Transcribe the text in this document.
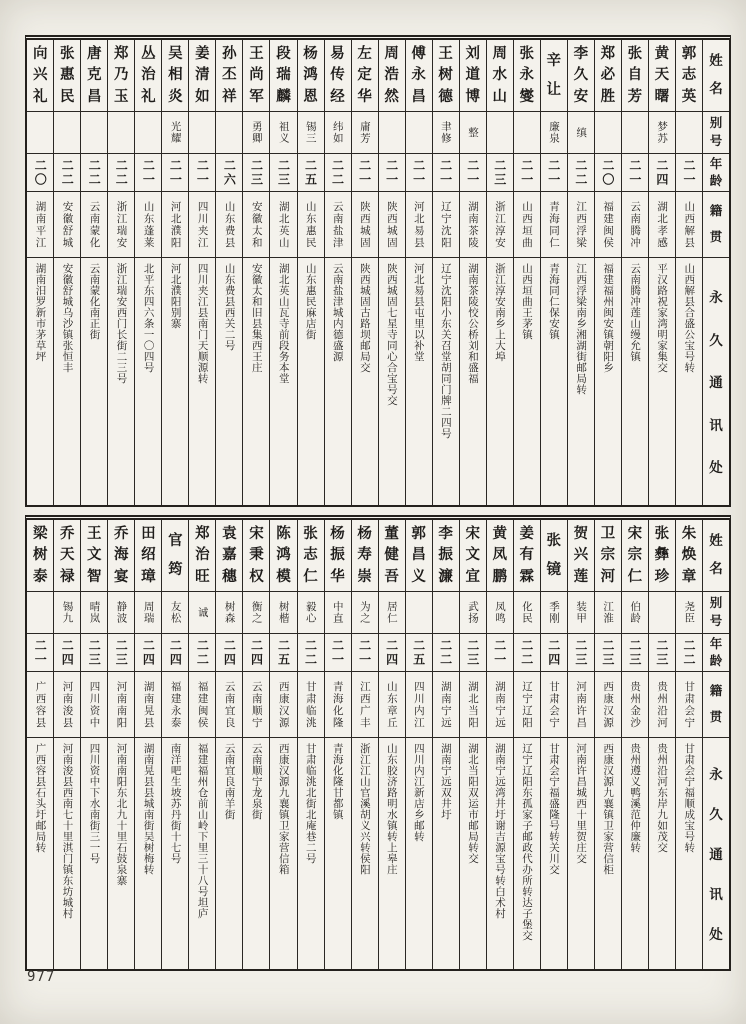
姓
名
别
号
年
龄
籍
贯
永
久
通
讯
处
郭
志
英
二一
山西解县
山西解县合盛公宝号转
黄
天
曙
梦苏
二四
湖北孝感
平汉路祝家湾明家集交
张
自
芳
二一
云南腾冲
云南腾冲莲山缦允镇
郑
必
胜
二〇
福建闽侯
福建福州闽安镇朝阳乡
李
久
安
缜
二二
江西浮梁
江西浮梁南乡湘湖街邮局转
辛
让
廉泉
二一
青海同仁
青海同仁保安镇
张
永
燮
二一
山西垣曲
山西垣曲王茅镇
周
水
山
二三
浙江淳安
浙江淳安南乡上大埠
刘
道
博
整
二一
湖南茶陵
湖南茶陵恔公桥刘和盛福
王
树
德
聿修
二一
辽宁沈阳
辽宁沈阳小东关召堂胡同门牌二四号
傅
永
昌
二一
河北易县
河北易县屯里以补堂
周
浩
然
二一
陕西城固
陕西城固七星寺同心合宝号交
左
定
华
庸芳
二一
陕西城固
陕西城固古路坝邮局交
易
传
经
纬如
二二
云南盐津
云南盐津城内德盛源
杨
鸿
恩
锡三
二五
山东惠民
山东惠民麻店街
段
瑞
麟
祖义
二三
湖北英山
湖北英山瓦寺前段务本堂
王
尚
军
勇卿
二三
安徽太和
安徽太和旧县集西王庄
孙
丕
祥
二六
山东费县
山东费县西关二号
姜
清
如
二一
四川夹江
四川夹江县南门天顺源转
吴
相
炎
光耀
二一
河北濮阳
河北濮阳别寨
丛
治
礼
二一
山东蓬莱
北平东四六条一〇四号
郑
乃
玉
二二
浙江瑞安
浙江瑞安西门长街二三号
唐
克
昌
二二
云南蒙化
云南蒙化南正街
张
惠
民
二二
安徽舒城
安徽舒城乌沙镇张恒丰
向
兴
礼
二〇
湖南平江
湖南汨罗新市茅草坪
姓
名
别
号
年
龄
籍
贯
永
久
通
讯
处
朱
焕
章
尧臣
二二
甘肃会宁
甘肃会宁福顺成宝号转
张
彝
珍
二三
贵州沿河
贵州沿河东岸九如茂交
宋
宗
仁
伯龄
二三
贵州金沙
贵州遵义鸭溪范仲廉转
卫
宗
河
江淮
二三
西康汉源
西康汉源九襄镇卫家营信柜
贺
兴
莲
装甲
二三
河南许昌
河南许昌城西十里贺庄交
张
镜
季刚
二四
甘肃会宁
甘肃会宁福盛隆号转关川交
姜
有
霖
化民
二二
辽宁辽阳
辽宁辽阳东孤家子邮政代办所转达子堡交
黄
凤
鹏
凤鸣
二一
湖南宁远
湖南宁远湾井圩谢吉源宝号转白术村
宋
文
宜
武扬
二三
湖北当阳
湖北当阳双运市邮局转交
李
振
濂
二二
湖南宁远
湖南宁远双井圩
郭
昌
义
二五
四川内江
四川内江新店乡邮转
董
健
吾
居仁
二四
山东章丘
山东胶济路明水镇转上皋庄
杨
寿
崇
为之
二一
江西广丰
浙江江山官溪胡义兴转侯阳
杨
振
华
中直
二一
青海化隆
青海化隆甘都镇
张
志
仁
毅心
二二
甘肃临洮
甘肃临洮北街北庵巷二号
陈
鸿
模
树楷
二五
西康汉源
西康汉源九襄镇卫家营信箱
宋
秉
权
衡之
二四
云南顺宁
云南顺宁龙泉街
袁
嘉
穗
树森
二四
云南宜良
云南宜良南羊街
郑
治
旺
诚
二二
福建闽侯
福建福州仓前山岭下里三十八号坦庐
官
筠
友松
二四
福建永泰
南洋吧生坡苏丹街十七号
田
绍
璋
周瑞
二四
湖南晃县
湖南晃县县城南街吴树梅转
乔
海
宴
静波
二三
河南南阳
河南南阳东北九十里石鼓泉寨
王
文
智
晴岚
二三
四川资中
四川资中下水南街三一号
乔
天
禄
锡九
二四
河南浚县
河南浚县西南七十里淇门镇东坊城村
梁
树
泰
二一
广西容县
广西容县石头圩邮局转
977
